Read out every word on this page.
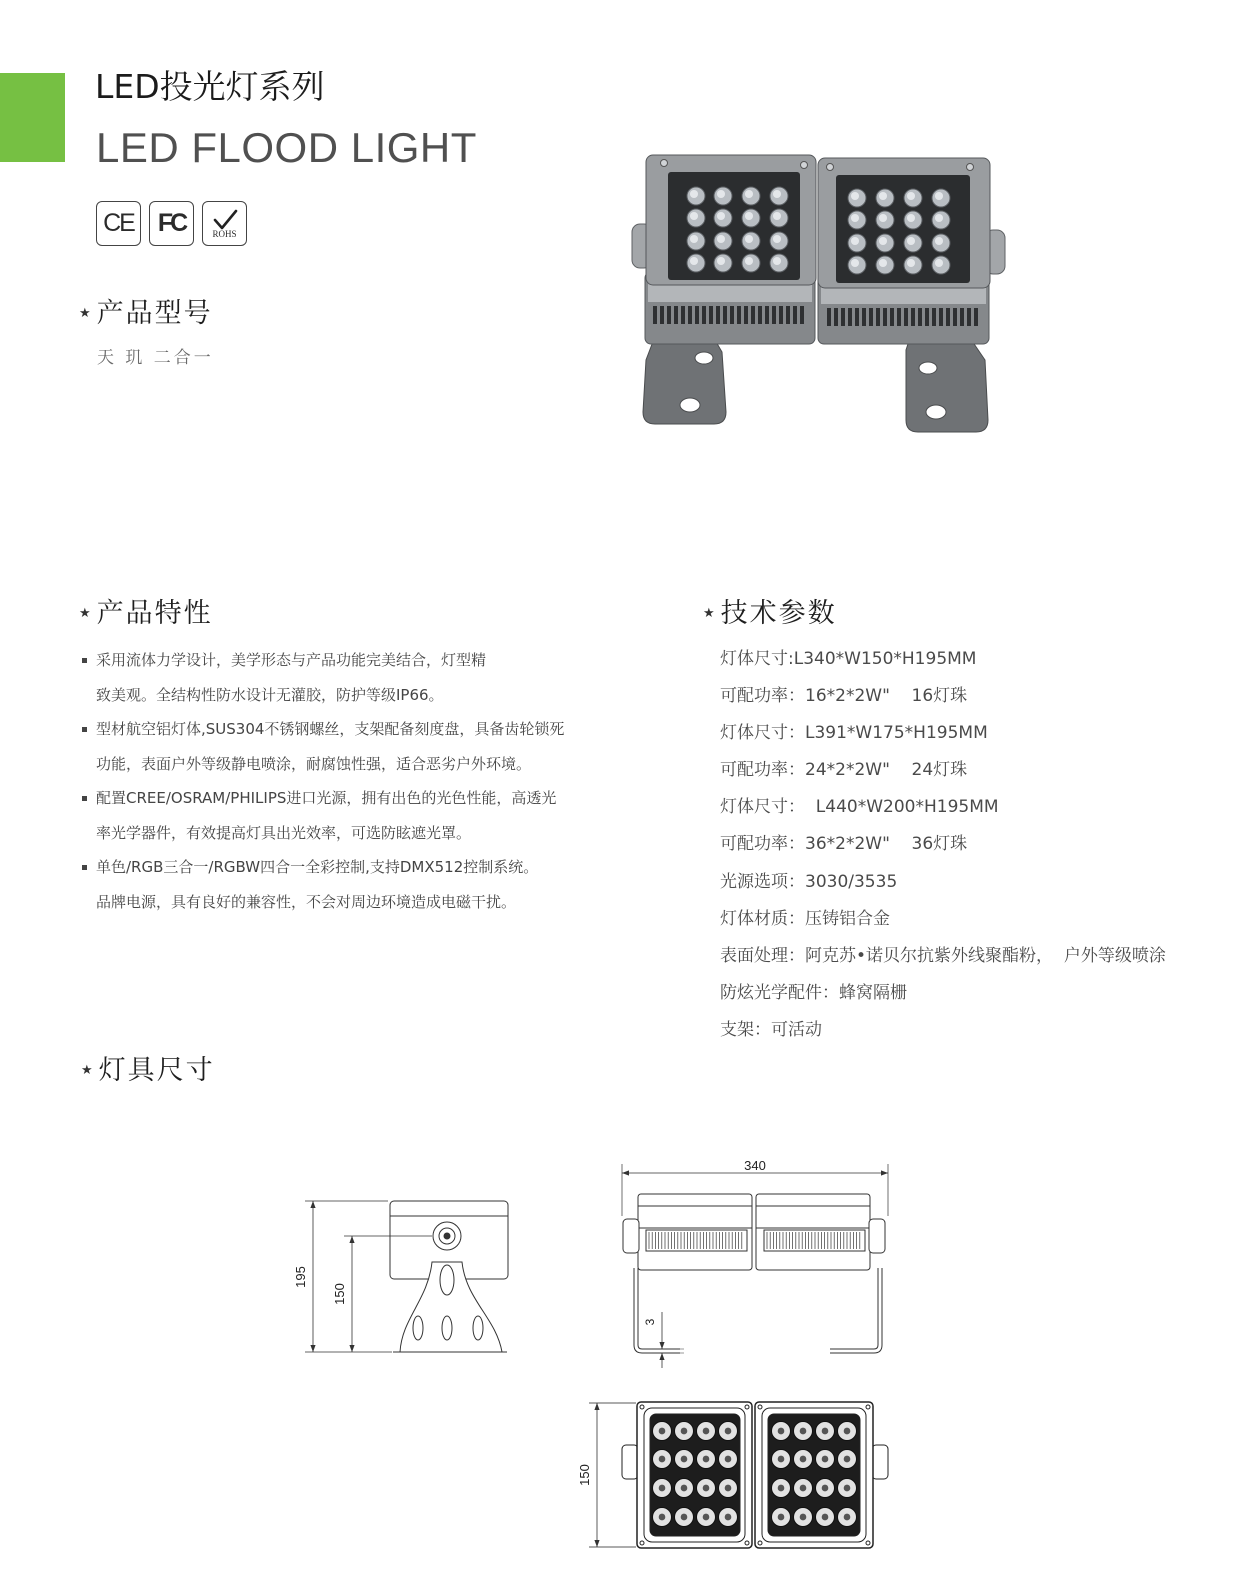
195
150
340
3
150
LED投光灯系列
LED FLOOD LIGHT
CE FC	ROHS
★ 产品型号
天 玑 二合一
★ 产品特性
采用流体力学设计，美学形态与产品功能完美结合，灯型精
致美观。全结构性防水设计无灌胶，防护等级IP66。
型材航空铝灯体,SUS304不锈钢螺丝，支架配备刻度盘，具备齿轮锁死
功能，表面户外等级静电喷涂，耐腐蚀性强，适合恶劣户外环境。
配置CREE/OSRAM/PHILIPS进口光源，拥有出色的光色性能，高透光
率光学器件，有效提高灯具出光效率，可选防眩遮光罩。
单色/RGB三合一/RGBW四合一全彩控制,支持DMX512控制系统。
品牌电源，具有良好的兼容性，不会对周边环境造成电磁干扰。
★ 技术参数
灯体尺寸:L340*W150*H195MM
可配功率：16*2*2W"    16灯珠
灯体尺寸：L391*W175*H195MM
可配功率：24*2*2W"    24灯珠
灯体尺寸：  L440*W200*H195MM
可配功率：36*2*2W"    36灯珠
光源选项：3030/3535
灯体材质：压铸铝合金
表面处理：阿克苏•诺贝尔抗紫外线聚酯粉，  户外等级喷涂
防炫光学配件：蜂窝隔栅
支架：可活动
★ 灯具尺寸
